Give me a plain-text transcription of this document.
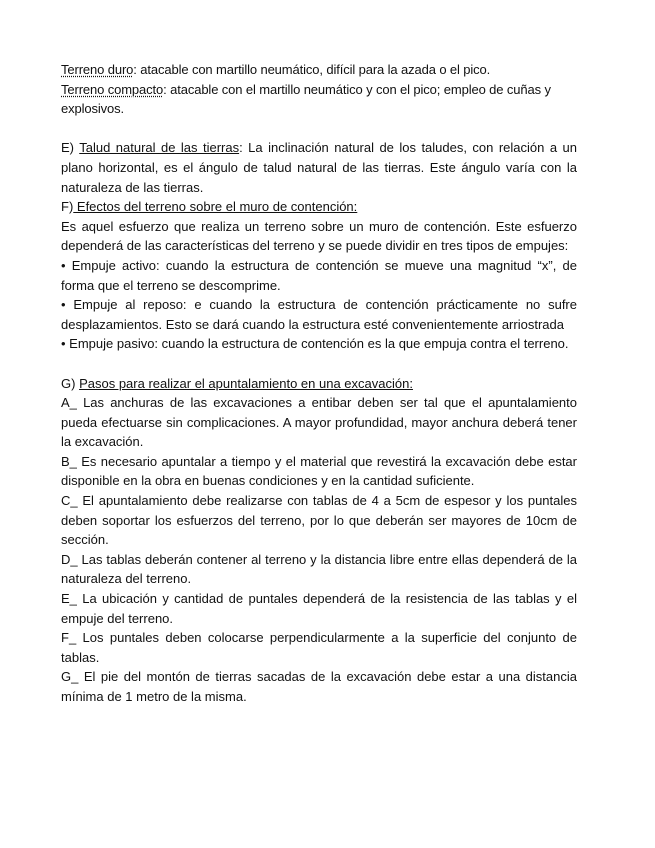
Terreno duro: atacable con martillo neumático, difícil para la azada o el pico.

Terreno compacto: atacable con el martillo neumático y con el pico; empleo de cuñas y explosivos.

E) Talud natural de las tierras: La inclinación natural de los taludes, con relación a un plano horizontal, es el ángulo de talud natural de las tierras. Este ángulo varía con la naturaleza de las tierras.

F) Efectos del terreno sobre el muro de contención:

Es aquel esfuerzo que realiza un terreno sobre un muro de contención. Este esfuerzo dependerá de las características del terreno y se puede dividir en tres tipos de empujes:

• Empuje activo: cuando la estructura de contención se mueve una magnitud “x”, de forma que el terreno se descomprime.

• Empuje al reposo: e cuando la estructura de contención prácticamente no sufre desplazamientos. Esto se dará cuando la estructura esté convenientemente arriostrada

• Empuje pasivo: cuando la estructura de contención es la que empuja contra el terreno.

G) Pasos para realizar el apuntalamiento en una excavación:

A_ Las anchuras de las excavaciones a entibar deben ser tal que el apuntalamiento pueda efectuarse sin complicaciones. A mayor profundidad, mayor anchura deberá tener la excavación.

B_ Es necesario apuntalar a tiempo y el material que revestirá la excavación debe estar disponible en la obra en buenas condiciones y en la cantidad suficiente.

C_ El apuntalamiento debe realizarse con tablas de 4 a 5cm de espesor y los puntales deben soportar los esfuerzos del terreno, por lo que deberán ser mayores de 10cm de sección.

D_ Las tablas deberán contener al terreno y la distancia libre entre ellas dependerá de la naturaleza del terreno.

E_ La ubicación y cantidad de puntales dependerá de la resistencia de las tablas y el empuje del terreno.

F_ Los puntales deben colocarse perpendicularmente a la superficie del conjunto de tablas.

G_ El pie del montón de tierras sacadas de la excavación debe estar a una distancia mínima de 1 metro de la misma.
